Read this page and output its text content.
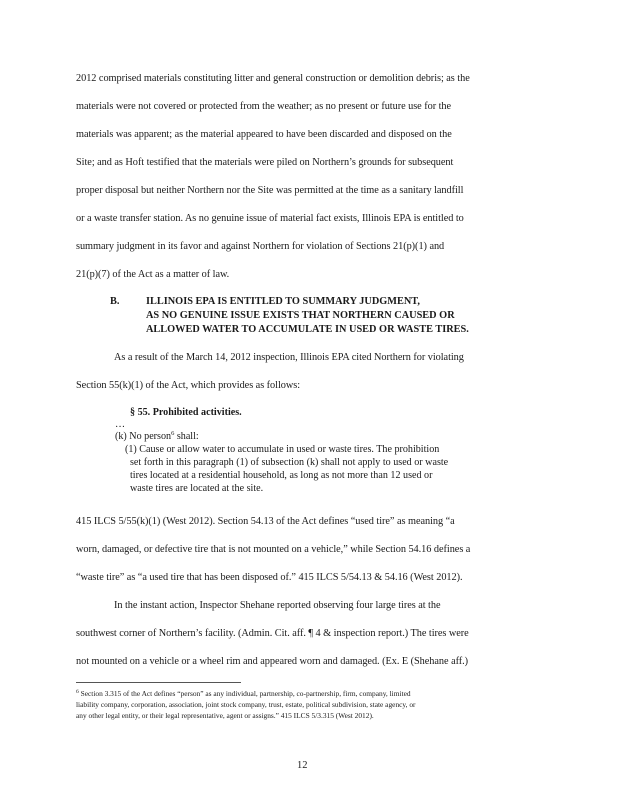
2012 comprised materials constituting litter and general construction or demolition debris; as the
materials were not covered or protected from the weather; as no present or future use for the
materials was apparent; as the material appeared to have been discarded and disposed on the
Site; and as Hoft testified that the materials were piled on Northern’s grounds for subsequent
proper disposal but neither Northern nor the Site was permitted at the time as a sanitary landfill
or a waste transfer station. As no genuine issue of material fact exists, Illinois EPA is entitled to
summary judgment in its favor and against Northern for violation of Sections 21(p)(1) and
21(p)(7) of the Act as a matter of law.
B.	ILLINOIS EPA IS ENTITLED TO SUMMARY JUDGMENT,
AS NO GENUINE ISSUE EXISTS THAT NORTHERN CAUSED OR
ALLOWED WATER TO ACCUMULATE IN USED OR WASTE TIRES.
As a result of the March 14, 2012 inspection, Illinois EPA cited Northern for violating
Section 55(k)(1) of the Act, which provides as follows:
§ 55. Prohibited activities.
…
(k) No person$^6$ shall:
(1) Cause or allow water to accumulate in used or waste tires. The prohibition
set forth in this paragraph (1) of subsection (k) shall not apply to used or waste
tires located at a residential household, as long as not more than 12 used or
waste tires are located at the site.
415 ILCS 5/55(k)(1) (West 2012). Section 54.13 of the Act defines “used tire” as meaning “a
worn, damaged, or defective tire that is not mounted on a vehicle,” while Section 54.16 defines a
“waste tire” as “a used tire that has been disposed of.” 415 ILCS 5/54.13 & 54.16 (West 2012).
In the instant action, Inspector Shehane reported observing four large tires at the
southwest corner of Northern’s facility. (Admin. Cit. aff. ¶ 4 & inspection report.) The tires were
not mounted on a vehicle or a wheel rim and appeared worn and damaged. (Ex. E (Shehane aff.)
$^6$ Section 3.315 of the Act defines “person” as any individual, partnership, co-partnership, firm, company, limited
liability company, corporation, association, joint stock company, trust, estate, political subdivision, state agency, or
any other legal entity, or their legal representative, agent or assigns.” 415 ILCS 5/3.315 (West 2012).
12
